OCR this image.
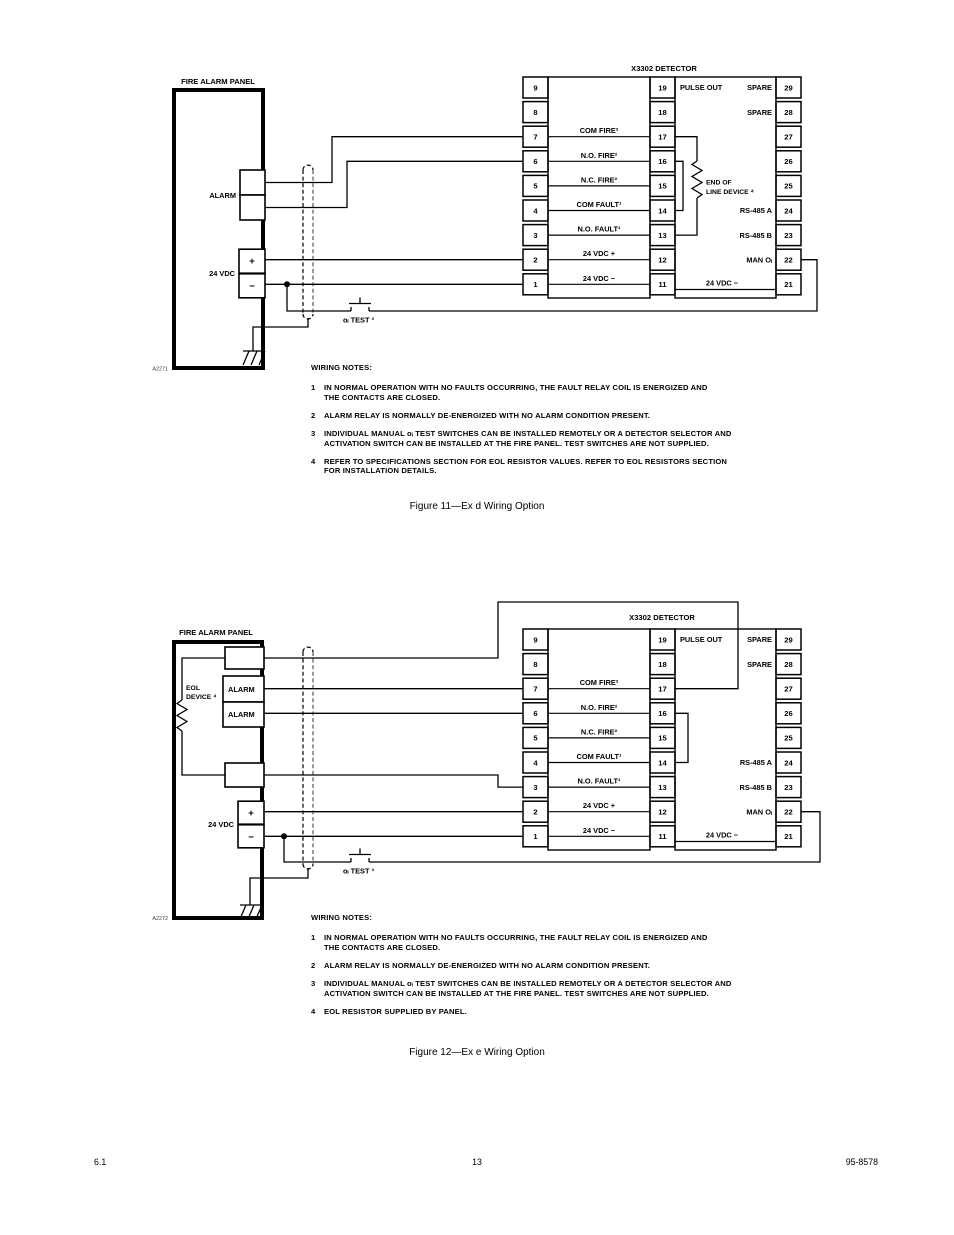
X3302 DETECTOR
FIRE ALARM PANEL
ALARM
+
−
24 VDC
oᵢ TEST ³
9
8
7
6
5
4
3
2
1
19
18
17
16
15
14
13
12
11
29
28
27
26
25
24
23
22
21
COM FIRE²
N.O. FIRE²
N.C. FIRE²
COM FAULT¹
N.O. FAULT¹
24 VDC +
24 VDC −
PULSE OUT	SPARE
SPARE
RS-485 A
RS-485 B
MAN Oᵢ
24 VDC −
END OF
LINE DEVICE ⁴
A2271
X3302 DETECTOR
FIRE ALARM PANEL
ALARM
ALARM
+
−
24 VDC
EOL
DEVICE ⁴
oᵢ TEST ³
9
8
7
6
5
4
3
2
1
19
18
17
16
15
14
13
12
11
29
28
27
26
25
24
23
22
21
COM FIRE²
N.O. FIRE²
N.C. FIRE²
COM FAULT¹
N.O. FAULT¹
24 VDC +
24 VDC −
PULSE OUT	SPARE
SPARE
RS-485 A
RS-485 B
MAN Oᵢ
24 VDC −
A2272
WIRING NOTES:
1	IN NORMAL OPERATION WITH NO FAULTS OCCURRING, THE FAULT RELAY COIL IS ENERGIZED AND
THE CONTACTS ARE CLOSED.
2	ALARM RELAY IS NORMALLY DE-ENERGIZED WITH NO ALARM CONDITION PRESENT.
3	INDIVIDUAL MANUAL oᵢ TEST SWITCHES CAN BE INSTALLED REMOTELY OR A DETECTOR SELECTOR AND
ACTIVATION SWITCH CAN BE INSTALLED AT THE FIRE PANEL. TEST SWITCHES ARE NOT SUPPLIED.
4	REFER TO SPECIFICATIONS SECTION FOR EOL RESISTOR VALUES. REFER TO EOL RESISTORS SECTION
FOR INSTALLATION DETAILS.
Figure 11—Ex d Wiring Option
WIRING NOTES:
1	IN NORMAL OPERATION WITH NO FAULTS OCCURRING, THE FAULT RELAY COIL IS ENERGIZED AND
THE CONTACTS ARE CLOSED.
2	ALARM RELAY IS NORMALLY DE-ENERGIZED WITH NO ALARM CONDITION PRESENT.
3	INDIVIDUAL MANUAL oᵢ TEST SWITCHES CAN BE INSTALLED REMOTELY OR A DETECTOR SELECTOR AND
ACTIVATION SWITCH CAN BE INSTALLED AT THE FIRE PANEL. TEST SWITCHES ARE NOT SUPPLIED.
4	EOL RESISTOR SUPPLIED BY PANEL.
Figure 12—Ex e Wiring Option
6.1	13	95-8578
